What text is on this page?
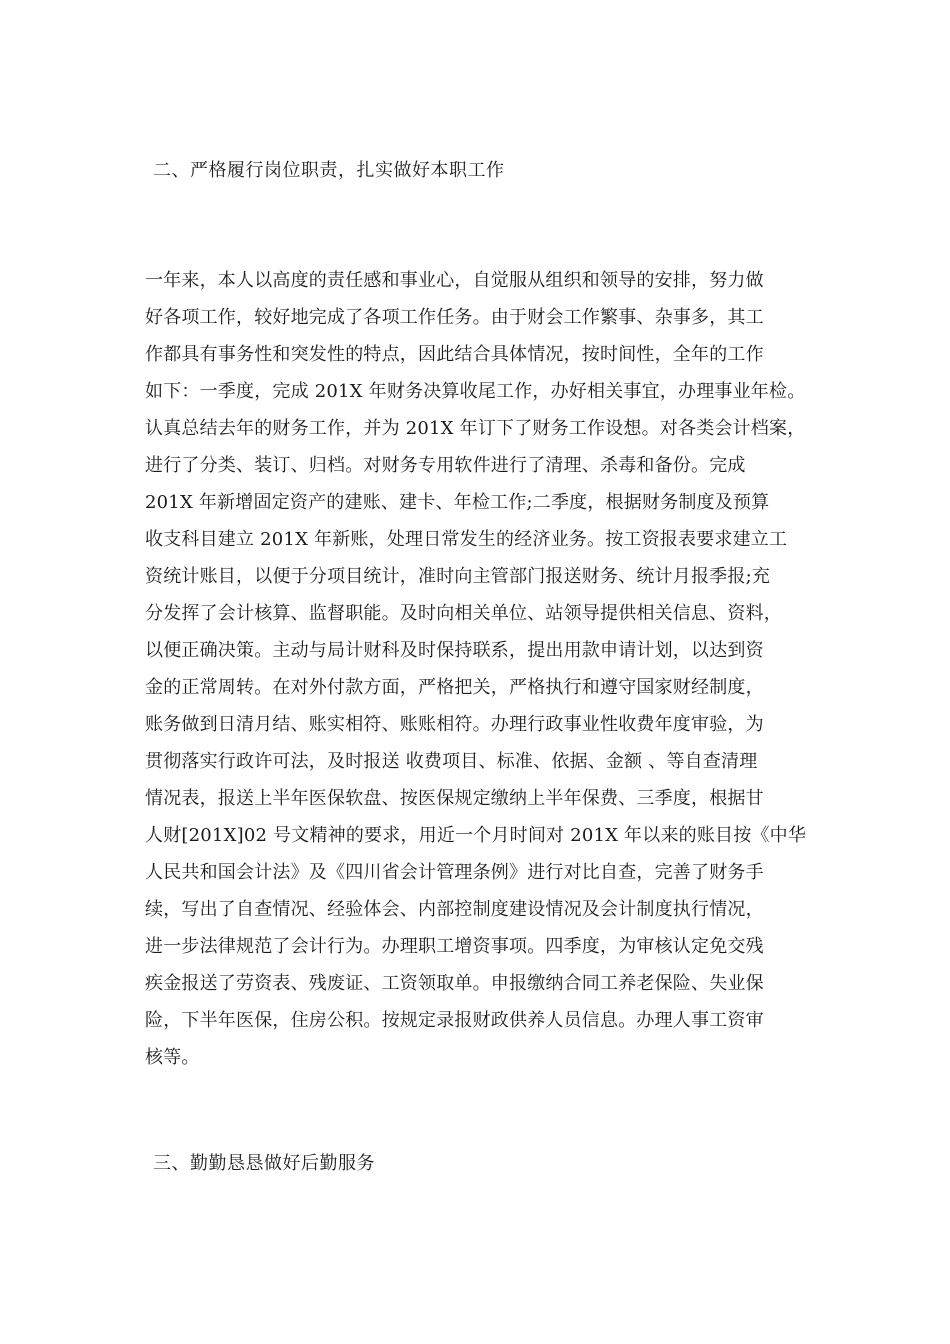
二、严格履行岗位职责，扎实做好本职工作
一年来，本人以高度的责任感和事业心，自觉服从组织和领导的安排，努力做
好各项工作，较好地完成了各项工作任务。由于财会工作繁事、杂事多，其工
作都具有事务性和突发性的特点，因此结合具体情况，按时间性，全年的工作
如下：一季度，完成 201X 年财务决算收尾工作，办好相关事宜，办理事业年检。
认真总结去年的财务工作，并为 201X 年订下了财务工作设想。对各类会计档案，
进行了分类、装订、归档。对财务专用软件进行了清理、杀毒和备份。完成
201X 年新增固定资产的建账、建卡、年检工作;二季度，根据财务制度及预算
收支科目建立 201X 年新账，处理日常发生的经济业务。按工资报表要求建立工
资统计账目，以便于分项目统计，准时向主管部门报送财务、统计月报季报;充
分发挥了会计核算、监督职能。及时向相关单位、站领导提供相关信息、资料，
以便正确决策。主动与局计财科及时保持联系，提出用款申请计划，以达到资
金的正常周转。在对外付款方面，严格把关，严格执行和遵守国家财经制度，
账务做到日清月结、账实相符、账账相符。办理行政事业性收费年度审验，为
贯彻落实行政许可法，及时报送 收费项目、标准、依据、金额 、等自查清理
情况表，报送上半年医保软盘、按医保规定缴纳上半年保费、三季度，根据甘
人财[201X]02 号文精神的要求，用近一个月时间对 201X 年以来的账目按《中华
人民共和国会计法》及《四川省会计管理条例》进行对比自查，完善了财务手
续，写出了自查情况、经验体会、内部控制度建设情况及会计制度执行情况，
进一步法律规范了会计行为。办理职工增资事项。四季度，为审核认定免交残
疾金报送了劳资表、残废证、工资领取单。申报缴纳合同工养老保险、失业保
险，下半年医保，住房公积。按规定录报财政供养人员信息。办理人事工资审
核等。
三、勤勤恳恳做好后勤服务
